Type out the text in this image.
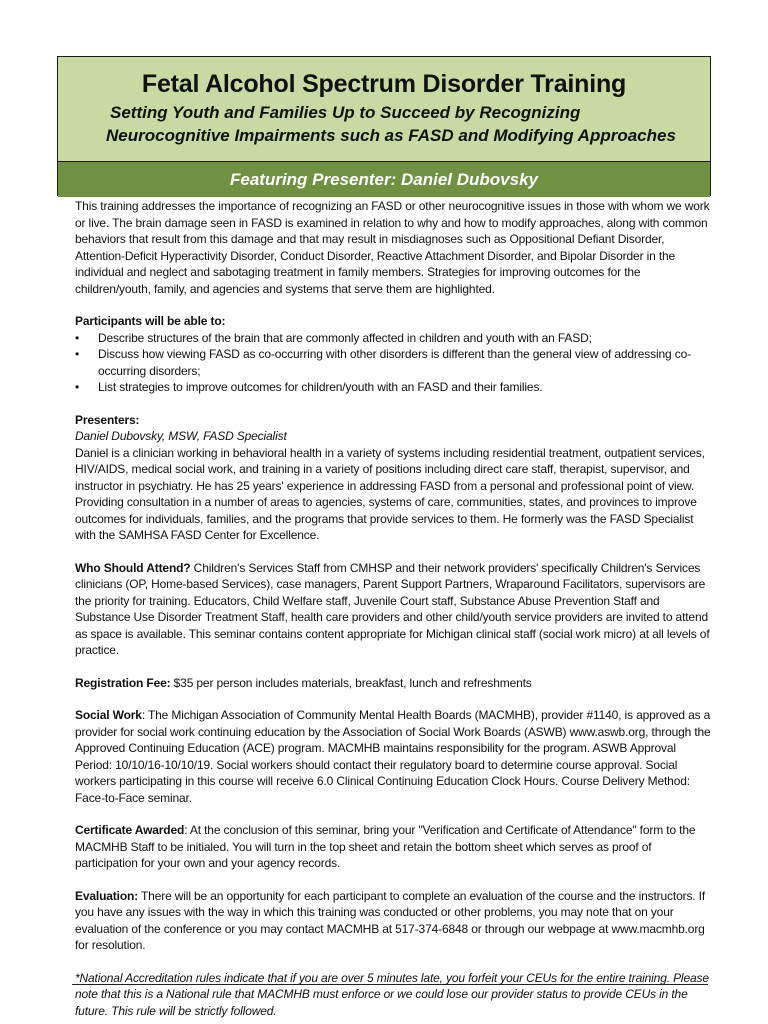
Fetal Alcohol Spectrum Disorder Training
Setting Youth and Families Up to Succeed by Recognizing
Neurocognitive Impairments such as FASD and Modifying Approaches
Featuring Presenter: Daniel Dubovsky

This training addresses the importance of recognizing an FASD or other neurocognitive issues in those with whom we work or live. The brain damage seen in FASD is examined in relation to why and how to modify approaches, along with common behaviors that result from this damage and that may result in misdiagnoses such as Oppositional Defiant Disorder, Attention-Deficit Hyperactivity Disorder, Conduct Disorder, Reactive Attachment Disorder, and Bipolar Disorder in the individual and neglect and sabotaging treatment in family members. Strategies for improving outcomes for the children/youth, family, and agencies and systems that serve them are highlighted.

Participants will be able to:

• Describe structures of the brain that are commonly affected in children and youth with an FASD;
• Discuss how viewing FASD as co-occurring with other disorders is different than the general view of addressing co-occurring disorders;
• List strategies to improve outcomes for children/youth with an FASD and their families.

Presenters:

Daniel Dubovsky, MSW, FASD Specialist

Daniel is a clinician working in behavioral health in a variety of systems including residential treatment, outpatient services, HIV/AIDS, medical social work, and training in a variety of positions including direct care staff, therapist, supervisor, and instructor in psychiatry. He has 25 years' experience in addressing FASD from a personal and professional point of view. Providing consultation in a number of areas to agencies, systems of care, communities, states, and provinces to improve outcomes for individuals, families, and the programs that provide services to them. He formerly was the FASD Specialist with the SAMHSA FASD Center for Excellence.

Who Should Attend? Children's Services Staff from CMHSP and their network providers' specifically Children's Services clinicians (OP, Home-based Services), case managers, Parent Support Partners, Wraparound Facilitators, supervisors are the priority for training. Educators, Child Welfare staff, Juvenile Court staff, Substance Abuse Prevention Staff and Substance Use Disorder Treatment Staff, health care providers and other child/youth service providers are invited to attend as space is available. This seminar contains content appropriate for Michigan clinical staff (social work micro) at all levels of practice.

Registration Fee: $35 per person includes materials, breakfast, lunch and refreshments

Social Work: The Michigan Association of Community Mental Health Boards (MACMHB), provider #1140, is approved as a provider for social work continuing education by the Association of Social Work Boards (ASWB) www.aswb.org, through the Approved Continuing Education (ACE) program. MACMHB maintains responsibility for the program. ASWB Approval Period: 10/10/16-10/10/19. Social workers should contact their regulatory board to determine course approval. Social workers participating in this course will receive 6.0 Clinical Continuing Education Clock Hours. Course Delivery Method: Face-to-Face seminar.

Certificate Awarded: At the conclusion of this seminar, bring your "Verification and Certificate of Attendance" form to the MACMHB Staff to be initialed. You will turn in the top sheet and retain the bottom sheet which serves as proof of participation for your own and your agency records.

Evaluation: There will be an opportunity for each participant to complete an evaluation of the course and the instructors. If you have any issues with the way in which this training was conducted or other problems, you may note that on your evaluation of the conference or you may contact MACMHB at 517-374-6848 or through our webpage at www.macmhb.org for resolution.

*National Accreditation rules indicate that if you are over 5 minutes late, you forfeit your CEUs for the entire training. Please note that this is a National rule that MACMHB must enforce or we could lose our provider status to provide CEUs in the future. This rule will be strictly followed.
